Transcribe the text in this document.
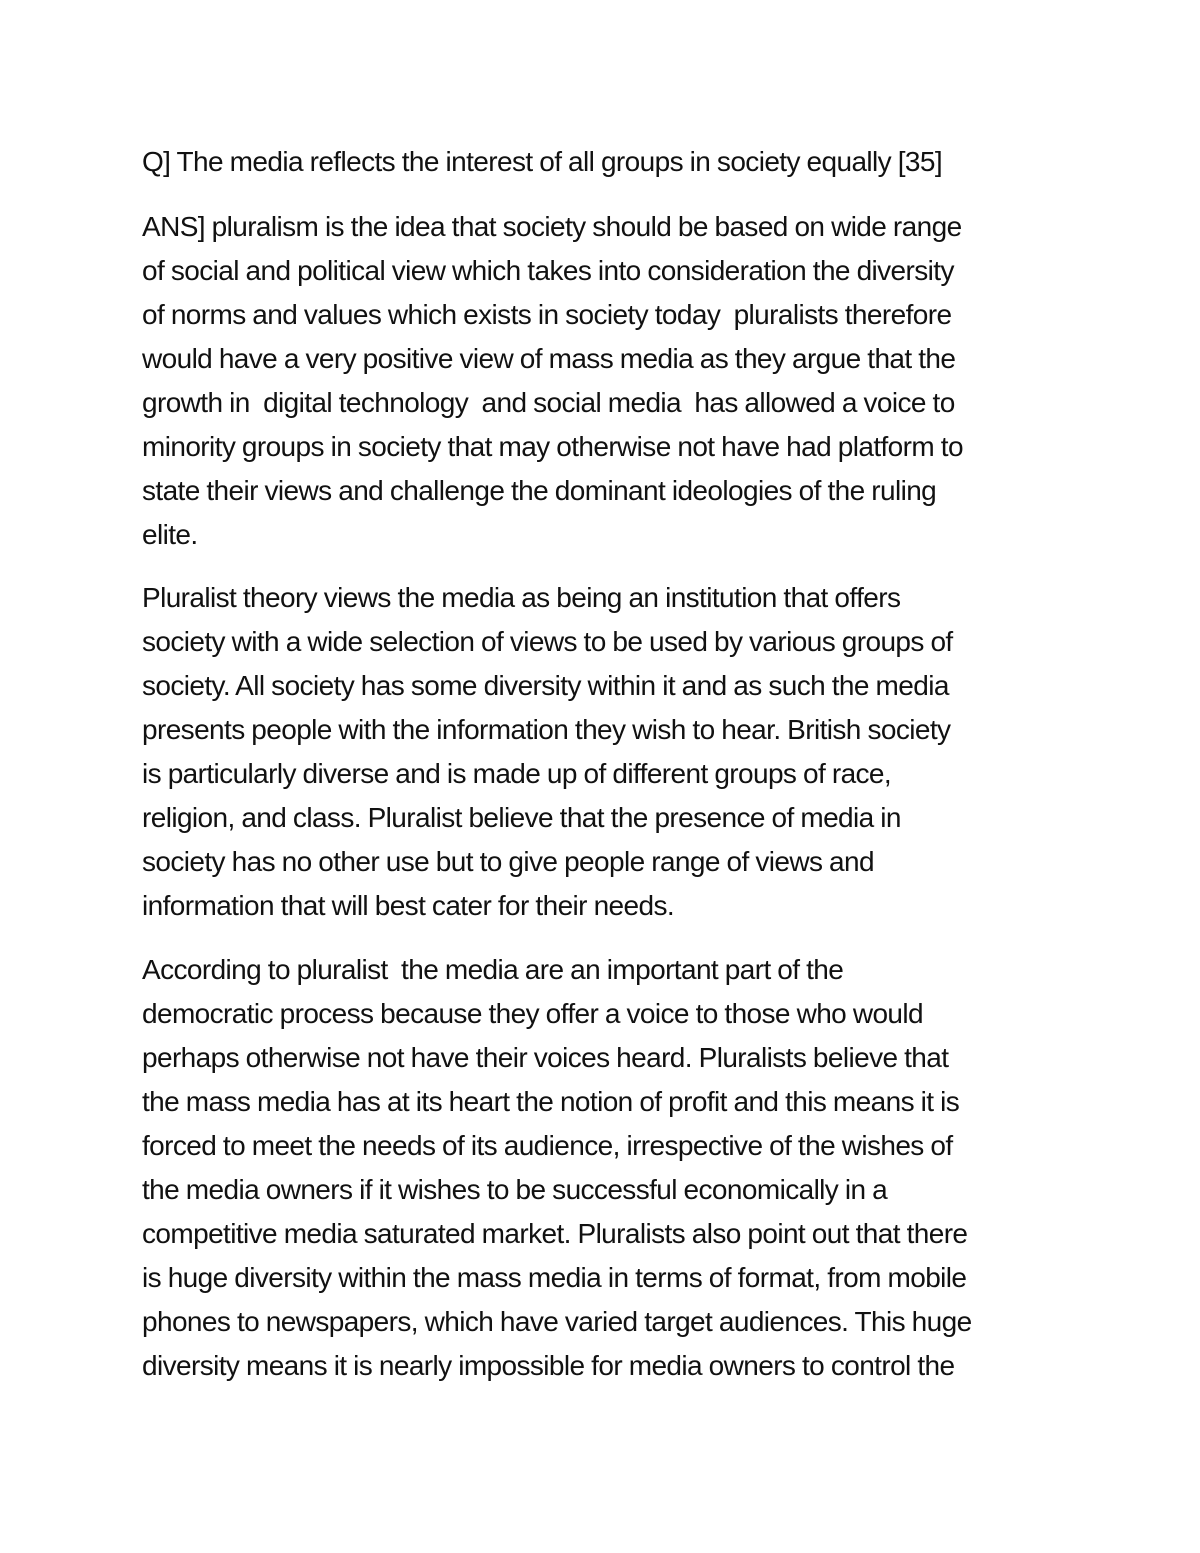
Q] The media reflects the interest of all groups in society equally [35]
ANS] pluralism is the idea that society should be based on wide range
of social and political view which takes into consideration the diversity
of norms and values which exists in society today  pluralists therefore
would have a very positive view of mass media as they argue that the
growth in  digital technology  and social media  has allowed a voice to
minority groups in society that may otherwise not have had platform to
state their views and challenge the dominant ideologies of the ruling
elite.
Pluralist theory views the media as being an institution that offers
society with a wide selection of views to be used by various groups of
society. All society has some diversity within it and as such the media
presents people with the information they wish to hear. British society
is particularly diverse and is made up of different groups of race,
religion, and class. Pluralist believe that the presence of media in
society has no other use but to give people range of views and
information that will best cater for their needs.
According to pluralist  the media are an important part of the
democratic process because they offer a voice to those who would
perhaps otherwise not have their voices heard. Pluralists believe that
the mass media has at its heart the notion of profit and this means it is
forced to meet the needs of its audience, irrespective of the wishes of
the media owners if it wishes to be successful economically in a
competitive media saturated market. Pluralists also point out that there
is huge diversity within the mass media in terms of format, from mobile
phones to newspapers, which have varied target audiences. This huge
diversity means it is nearly impossible for media owners to control the
